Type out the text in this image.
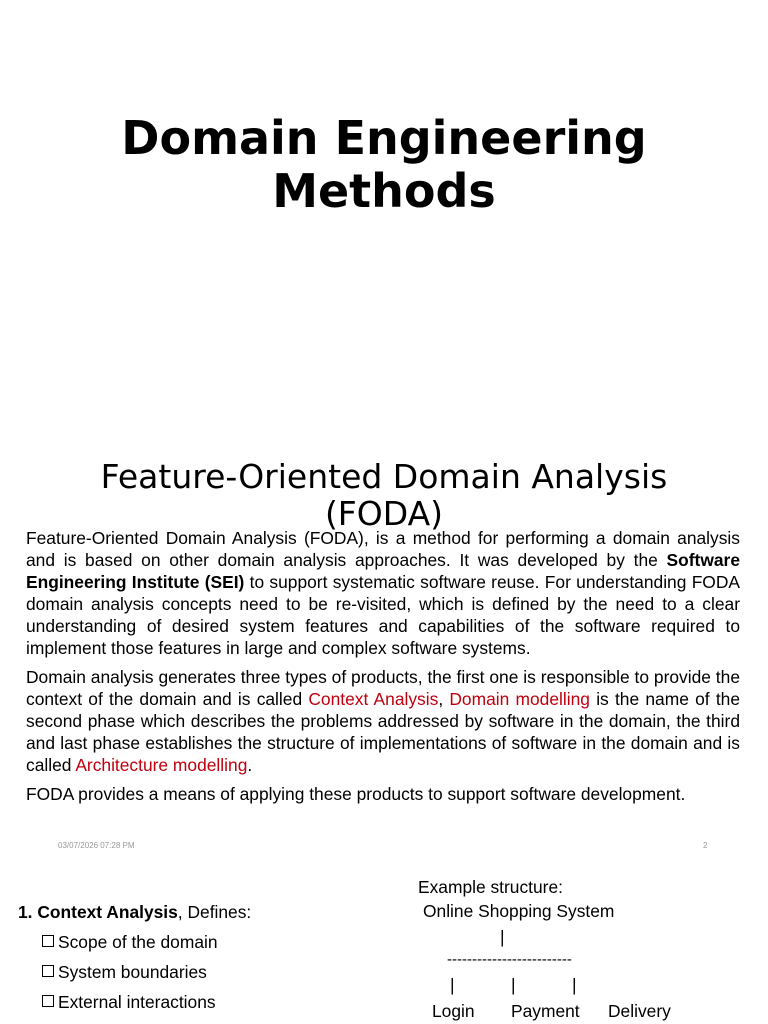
Domain Engineering
Methods
Feature-Oriented Domain Analysis
(FODA)

Feature-Oriented Domain Analysis (FODA), is a method for performing a domain analysis and is based on other domain analysis approaches. It was developed by the Software Engineering Institute (SEI) to support systematic software reuse. For understanding FODA domain analysis concepts need to be re-visited, which is defined by the need to a clear understanding of desired system features and capabilities of the software required to implement those features in large and complex software systems.

Domain analysis generates three types of products, the first one is responsible to provide the context of the domain and is called Context Analysis, Domain modelling is the name of the second phase which describes the problems addressed by software in the domain, the third and last phase establishes the structure of implementations of software in the domain and is called Architecture modelling.

FODA provides a means of applying these products to support software development.

03/07/2026 07:28 PM	2

1. Context Analysis, Defines:

Scope of the domain

System boundaries

External interactions

Example structure:
Online Shopping System
|
-------------------------
|	|	|
Login Payment Delivery
